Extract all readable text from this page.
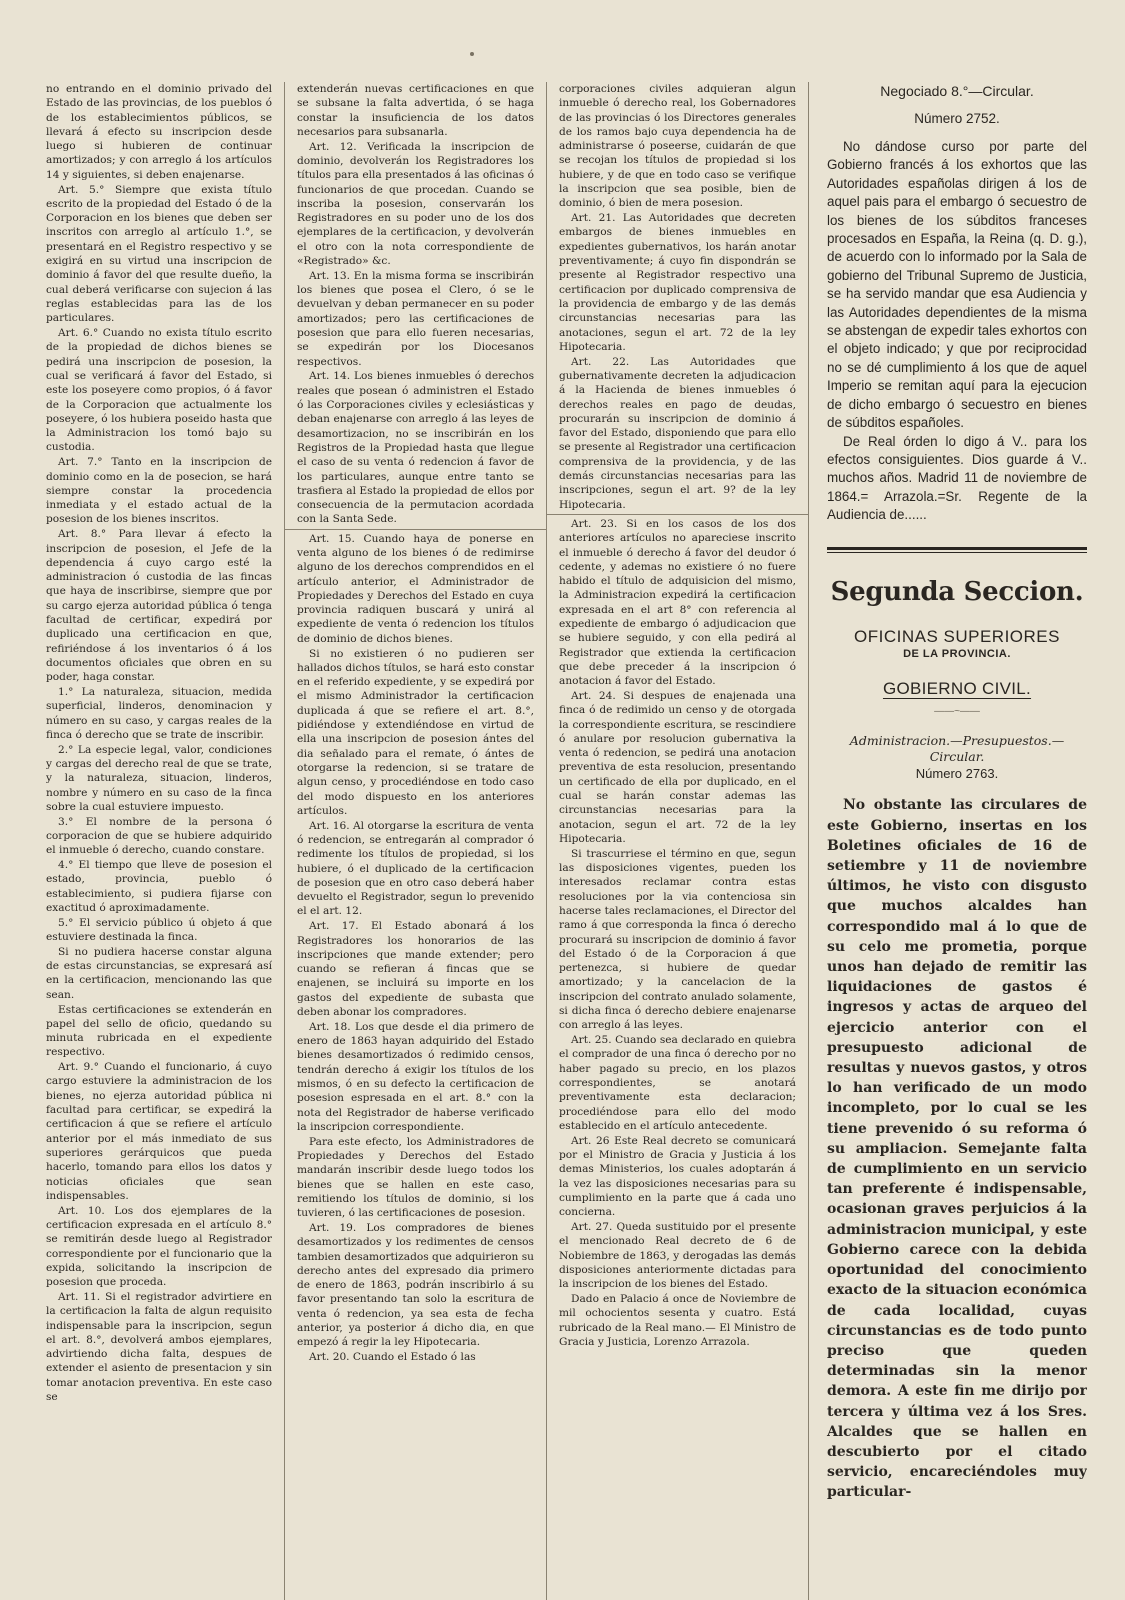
no entrando en el dominio privado del Estado de las provincias, de los pueblos ó de los establecimientos públicos, se llevará á efecto su inscripcion desde luego si hubieren de continuar amortizados; y con arreglo á los artículos 14 y siguientes, si deben enajenarse.

Art. 5.° Siempre que exista título escrito de la propiedad del Estado ó de la Corporacion en los bienes que deben ser inscritos con arreglo al artículo 1.°, se presentará en el Registro respectivo y se exigirá en su virtud una inscripcion de dominio á favor del que resulte dueño, la cual deberá verificarse con sujecion á las reglas establecidas para las de los particulares.

Art. 6.° Cuando no exista título escrito de la propiedad de dichos bienes se pedirá una inscripcion de posesion, la cual se verificará á favor del Estado, si este los poseyere como propios, ó á favor de la Corporacion que actualmente los poseyere, ó los hubiera poseido hasta que la Administracion los tomó bajo su custodia.

Art. 7.° Tanto en la inscripcion de dominio como en la de posecion, se hará siempre constar la procedencia inmediata y el estado actual de la posesion de los bienes inscritos.

Art. 8.° Para llevar á efecto la inscripcion de posesion, el Jefe de la dependencia á cuyo cargo esté la administracion ó custodia de las fincas que haya de inscribirse, siempre que por su cargo ejerza autoridad pública ó tenga facultad de certificar, expedirá por duplicado una certificacion en que, refiriéndose á los inventarios ó á los documentos oficiales que obren en su poder, haga constar.

1.° La naturaleza, situacion, medida superficial, linderos, denominacion y número en su caso, y cargas reales de la finca ó derecho que se trate de inscribir.

2.° La especie legal, valor, condiciones y cargas del derecho real de que se trate, y la naturaleza, situacion, linderos, nombre y número en su caso de la finca sobre la cual estuviere impuesto.

3.° El nombre de la persona ó corporacion de que se hubiere adquirido el inmueble ó derecho, cuando constare.

4.° El tiempo que lleve de posesion el estado, provincia, pueblo ó establecimiento, si pudiera fijarse con exactitud ó aproximadamente.

5.° El servicio público ú objeto á que estuviere destinada la finca.

Si no pudiera hacerse constar alguna de estas circunstancias, se expresará así en la certificacion, mencionando las que sean.

Estas certificaciones se extenderán en papel del sello de oficio, quedando su minuta rubricada en el expediente respectivo.

Art. 9.° Cuando el funcionario, á cuyo cargo estuviere la administracion de los bienes, no ejerza autoridad pública ni facultad para certificar, se expedirá la certificacion á que se refiere el artículo anterior por el más inmediato de sus superiores gerárquicos que pueda hacerlo, tomando para ellos los datos y noticias oficiales que sean indispensables.

Art. 10. Los dos ejemplares de la certificacion expresada en el artículo 8.° se remitirán desde luego al Registrador correspondiente por el funcionario que la expida, solicitando la inscripcion de posesion que proceda.

Art. 11. Si el registrador advirtiere en la certificacion la falta de algun requisito indispensable para la inscripcion, segun el art. 8.°, devolverá ambos ejemplares, advirtiendo dicha falta, despues de extender el asiento de presentacion y sin tomar anotacion preventiva. En este caso se

extenderán nuevas certificaciones en que se subsane la falta advertida, ó se haga constar la insuficiencia de los datos necesarios para subsanarla.

Art. 12. Verificada la inscripcion de dominio, devolverán los Registradores los títulos para ella presentados á las oficinas ó funcionarios de que procedan. Cuando se inscriba la posesion, conservarán los Registradores en su poder uno de los dos ejemplares de la certificacion, y devolverán el otro con la nota correspondiente de «Registrado» &c.

Art. 13. En la misma forma se inscribirán los bienes que posea el Clero, ó se le devuelvan y deban permanecer en su poder amortizados; pero las certificaciones de posesion que para ello fueren necesarias, se expedirán por los Diocesanos respectivos.

Art. 14. Los bienes inmuebles ó derechos reales que posean ó administren el Estado ó las Corporaciones civiles y eclesiásticas y deban enajenarse con arreglo á las leyes de desamortizacion, no se inscribirán en los Registros de la Propiedad hasta que llegue el caso de su venta ó redencion á favor de los particulares, aunque entre tanto se trasfiera al Estado la propiedad de ellos por consecuencia de la permutacion acordada con la Santa Sede.

Art. 15. Cuando haya de ponerse en venta alguno de los bienes ó de redimirse alguno de los derechos comprendidos en el artículo anterior, el Administrador de Propiedades y Derechos del Estado en cuya provincia radiquen buscará y unirá al expediente de venta ó redencion los títulos de dominio de dichos bienes.

Si no existieren ó no pudieren ser hallados dichos títulos, se hará esto constar en el referido expediente, y se expedirá por el mismo Administrador la certificacion duplicada á que se refiere el art. 8.°, pidiéndose y extendiéndose en virtud de ella una inscripcion de posesion ántes del dia señalado para el remate, ó ántes de otorgarse la redencion, si se tratare de algun censo, y procediéndose en todo caso del modo dispuesto en los anteriores artículos.

Art. 16. Al otorgarse la escritura de venta ó redencion, se entregarán al comprador ó redimente los títulos de propiedad, si los hubiere, ó el duplicado de la certificacion de posesion que en otro caso deberá haber devuelto el Registrador, segun lo prevenido el el art. 12.

Art. 17. El Estado abonará á los Registradores los honorarios de las inscripciones que mande extender; pero cuando se refieran á fincas que se enajenen, se incluirá su importe en los gastos del expediente de subasta que deben abonar los compradores.

Art. 18. Los que desde el dia primero de enero de 1863 hayan adquirido del Estado bienes desamortizados ó redimido censos, tendrán derecho á exigir los títulos de los mismos, ó en su defecto la certificacion de posesion espresada en el art. 8.° con la nota del Registrador de haberse verificado la inscripcion correspondiente.

Para este efecto, los Administradores de Propiedades y Derechos del Estado mandarán inscribir desde luego todos los bienes que se hallen en este caso, remitiendo los títulos de dominio, si los tuvieren, ó las certificaciones de posesion.

Art. 19. Los compradores de bienes desamortizados y los redimentes de censos tambien desamortizados que adquirieron su derecho antes del expresado dia primero de enero de 1863, podrán inscribirlo á su favor presentando tan solo la escritura de venta ó redencion, ya sea esta de fecha anterior, ya posterior á dicho dia, en que empezó á regir la ley Hipotecaria.

Art. 20. Cuando el Estado ó las

corporaciones civiles adquieran algun inmueble ó derecho real, los Gobernadores de las provincias ó los Directores generales de los ramos bajo cuya dependencia ha de administrarse ó poseerse, cuidarán de que se recojan los títulos de propiedad si los hubiere, y de que en todo caso se verifique la inscripcion que sea posible, bien de dominio, ó bien de mera posesion.

Art. 21. Las Autoridades que decreten embargos de bienes inmuebles en expedientes gubernativos, los harán anotar preventivamente; á cuyo fin dispondrán se presente al Registrador respectivo una certificacion por duplicado comprensiva de la providencia de embargo y de las demás circunstancias necesarias para las anotaciones, segun el art. 72 de la ley Hipotecaria.

Art. 22. Las Autoridades que gubernativamente decreten la adjudicacion á la Hacienda de bienes inmuebles ó derechos reales en pago de deudas, procurarán su inscripcion de dominio á favor del Estado, disponiendo que para ello se presente al Registrador una certificacion comprensiva de la providencia, y de las demás circunstancias necesarias para las inscripciones, segun el art. 9? de la ley Hipotecaria.

Art. 23. Si en los casos de los dos anteriores artículos no apareciese inscrito el inmueble ó derecho á favor del deudor ó cedente, y ademas no existiere ó no fuere habido el título de adquisicion del mismo, la Administracion expedirá la certificacion expresada en el art 8° con referencia al expediente de embargo ó adjudicacion que se hubiere seguido, y con ella pedirá al Registrador que extienda la certificacion que debe preceder á la inscripcion ó anotacion á favor del Estado.

Art. 24. Si despues de enajenada una finca ó de redimido un censo y de otorgada la correspondiente escritura, se rescindiere ó anulare por resolucion gubernativa la venta ó redencion, se pedirá una anotacion preventiva de esta resolucion, presentando un certificado de ella por duplicado, en el cual se harán constar ademas las circunstancias necesarias para la anotacion, segun el art. 72 de la ley Hipotecaria.

Si trascurriese el término en que, segun las disposiciones vigentes, pueden los interesados reclamar contra estas resoluciones por la via contenciosa sin hacerse tales reclamaciones, el Director del ramo á que corresponda la finca ó derecho procurará su inscripcion de dominio á favor del Estado ó de la Corporacion á que pertenezca, si hubiere de quedar amortizado; y la cancelacion de la inscripcion del contrato anulado solamente, si dicha finca ó derecho debiere enajenarse con arreglo á las leyes.

Art. 25. Cuando sea declarado en quiebra el comprador de una finca ó derecho por no haber pagado su precio, en los plazos correspondientes, se anotará preventivamente esta declaracion; procediéndose para ello del modo establecido en el artículo antecedente.

Art. 26 Este Real decreto se comunicará por el Ministro de Gracia y Justicia á los demas Ministerios, los cuales adoptarán á la vez las disposiciones necesarias para su cumplimiento en la parte que á cada uno concierna.

Art. 27. Queda sustituido por el presente el mencionado Real decreto de 6 de Nobiembre de 1863, y derogadas las demás disposiciones anteriormente dictadas para la inscripcion de los bienes del Estado.

Dado en Palacio á once de Noviembre de mil ochocientos sesenta y cuatro. Está rubricado de la Real mano.— El Ministro de Gracia y Justicia, Lorenzo Arrazola.

Negociado 8.°—Circular.
Número 2752.

No dándose curso por parte del Gobierno francés á los exhortos que las Autoridades españolas dirigen á los de aquel pais para el embargo ó secuestro de los bienes de los súbditos franceses procesados en España, la Reina (q. D. g.), de acuerdo con lo informado por la Sala de gobierno del Tribunal Supremo de Justicia, se ha servido mandar que esa Audiencia y las Autoridades dependientes de la misma se abstengan de expedir tales exhortos con el objeto indicado; y que por reciprocidad no se dé cumplimiento á los que de aquel Imperio se remitan aquí para la ejecucion de dicho embargo ó secuestro en bienes de súbditos españoles.

De Real órden lo digo á V.. para los efectos consiguientes. Dios guarde á V.. muchos años. Madrid 11 de noviembre de 1864.= Arrazola.=Sr. Regente de la Audiencia de......

Segunda Seccion.
OFICINAS SUPERIORES
DE LA PROVINCIA.
GOBIERNO CIVIL.
——~——
Administracion.—Presupuestos.— Circular.
Número 2763.

No obstante las circulares de este Gobierno, insertas en los Boletines oficiales de 16 de setiembre y 11 de noviembre últimos, he visto con disgusto que muchos alcaldes han correspondido mal á lo que de su celo me prometia, porque unos han dejado de remitir las liquidaciones de gastos é ingresos y actas de arqueo del ejercicio anterior con el presupuesto adicional de resultas y nuevos gastos, y otros lo han verificado de un modo incompleto, por lo cual se les tiene prevenido ó su reforma ó su ampliacion. Semejante falta de cumplimiento en un servicio tan preferente é indispensable, ocasionan graves perjuicios á la administracion municipal, y este Gobierno carece con la debida oportunidad del conocimiento exacto de la situacion económica de cada localidad, cuyas circunstancias es de todo punto preciso que queden determinadas sin la menor demora. A este fin me dirijo por tercera y última vez á los Sres. Alcaldes que se hallen en descubierto por el citado servicio, encareciéndoles muy particular-
